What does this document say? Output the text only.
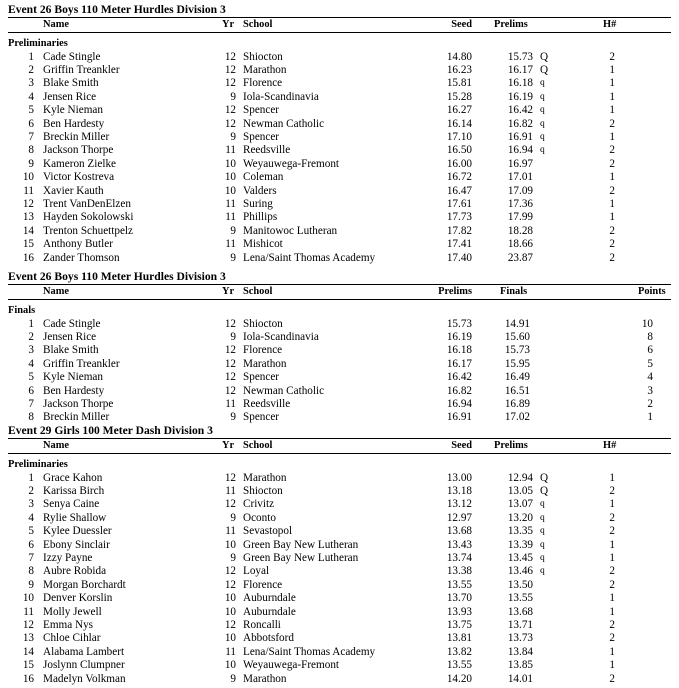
Event 26 Boys 110 Meter Hurdles Division 3
Name	Yr School	Seed Prelims	H#
Preliminaries
1 Cade Stingle	12 Shiocton	14.80	15.73 Q	2
2 Griffin Treankler	12 Marathon	16.23	16.17 Q	1
3 Blake Smith	12 Florence	15.81	16.18 q	1
4 Jensen Rice	9 Iola-Scandinavia	15.28	16.19 q	1
5 Kyle Nieman	12 Spencer	16.27	16.42 q	1
6 Ben Hardesty	12 Newman Catholic	16.14	16.82 q	2
7 Breckin Miller	9 Spencer	17.10	16.91 q	1
8 Jackson Thorpe	11 Reedsville	16.50	16.94 q	2
9 Kameron Zielke	10 Weyauwega-Fremont	16.00	16.97	2
10 Victor Kostreva	10 Coleman	16.72	17.01	1
11 Xavier Kauth	10 Valders	16.47	17.09	2
12 Trent VanDenElzen	11 Suring	17.61	17.36	1
13 Hayden Sokolowski	11 Phillips	17.73	17.99	1
14 Trenton Schuettpelz	9 Manitowoc Lutheran	17.82	18.28	2
15 Anthony Butler	11 Mishicot	17.41	18.66	2
16 Zander Thomson	9 Lena/Saint Thomas Academy	17.40	23.87	2
Event 26 Boys 110 Meter Hurdles Division 3
Name	Yr School	Prelims	Finals	Points
Finals
1 Cade Stingle	12 Shiocton	15.73	14.91	10
2 Jensen Rice	9 Iola-Scandinavia	16.19	15.60	8
3 Blake Smith	12 Florence	16.18	15.73	6
4 Griffin Treankler	12 Marathon	16.17	15.95	5
5 Kyle Nieman	12 Spencer	16.42	16.49	4
6 Ben Hardesty	12 Newman Catholic	16.82	16.51	3
7 Jackson Thorpe	11 Reedsville	16.94	16.89	2
8 Breckin Miller	9 Spencer	16.91	17.02	1
Event 29 Girls 100 Meter Dash Division 3
Name	Yr School	Seed Prelims	H#
Preliminaries
1 Grace Kahon	12 Marathon	13.00	12.94 Q	1
2 Karissa Birch	11 Shiocton	13.18	13.05 Q	2
3 Senya Caine	12 Crivitz	13.12	13.07 q	1
4 Rylie Shallow	9 Oconto	12.97	13.20 q	2
5 Kylee Duessler	11 Sevastopol	13.68	13.35 q	2
6 Ebony Sinclair	10 Green Bay New Lutheran	13.43	13.39 q	1
7 Izzy Payne	9 Green Bay New Lutheran	13.74	13.45 q	1
8 Aubre Robida	12 Loyal	13.38	13.46 q	2
9 Morgan Borchardt	12 Florence	13.55	13.50	2
10 Denver Korslin	10 Auburndale	13.70	13.55	1
11 Molly Jewell	10 Auburndale	13.93	13.68	1
12 Emma Nys	12 Roncalli	13.75	13.71	2
13 Chloe Cihlar	10 Abbotsford	13.81	13.73	2
14 Alabama Lambert	11 Lena/Saint Thomas Academy	13.82	13.84	1
15 Joslynn Clumpner	10 Weyauwega-Fremont	13.55	13.85	1
16 Madelyn Volkman	9 Marathon	14.20	14.01	2
